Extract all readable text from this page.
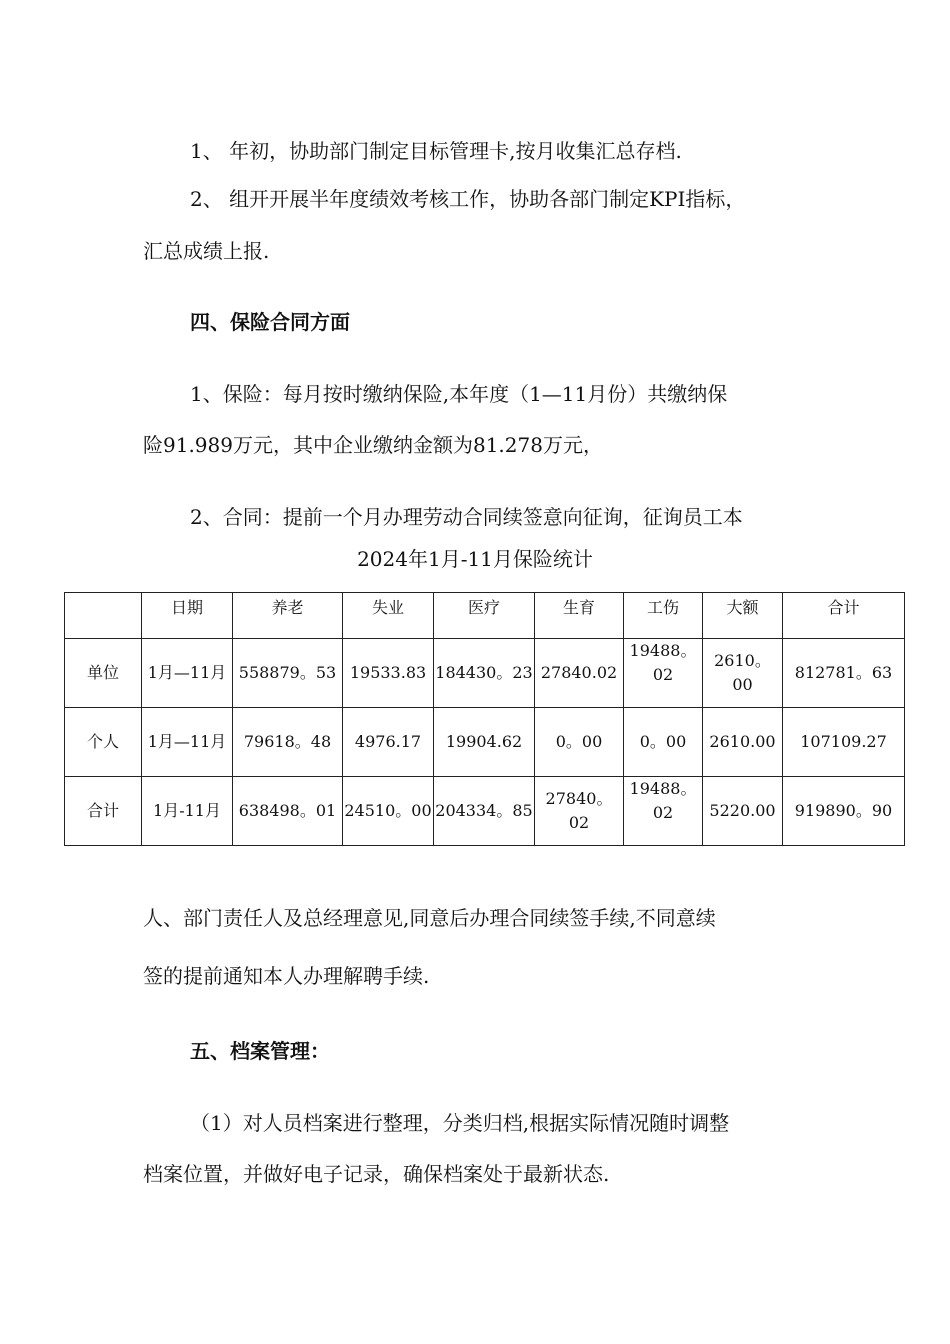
1、 年初，协助部门制定目标管理卡,按月收集汇总存档.
2、 组开开展半年度绩效考核工作，协助各部门制定KPI指标，
汇总成绩上报.
四、保险合同方面
1、保险：每月按时缴纳保险,本年度（1—11月份）共缴纳保
险91.989万元，其中企业缴纳金额为81.278万元，
2、合同：提前一个月办理劳动合同续签意向征询，征询员工本
2024年1月-11月保险统计
	日期	养老	失业	医疗	生育	工伤	大额	合计
单位	1月—11月	558879。53	19533.83	184430。23	27840.02	19488。02	2610。00	812781。63
个人	1月—11月	79618。48	4976.17	19904.62	0。00	0。00	2610.00	107109.27
合计	1月-11月	638498。01	24510。00	204334。85	27840。02	19488。02	5220.00	919890。90
人、部门责任人及总经理意见,同意后办理合同续签手续,不同意续
签的提前通知本人办理解聘手续.
五、档案管理：
（1）对人员档案进行整理，分类归档,根据实际情况随时调整
档案位置，并做好电子记录，确保档案处于最新状态.
